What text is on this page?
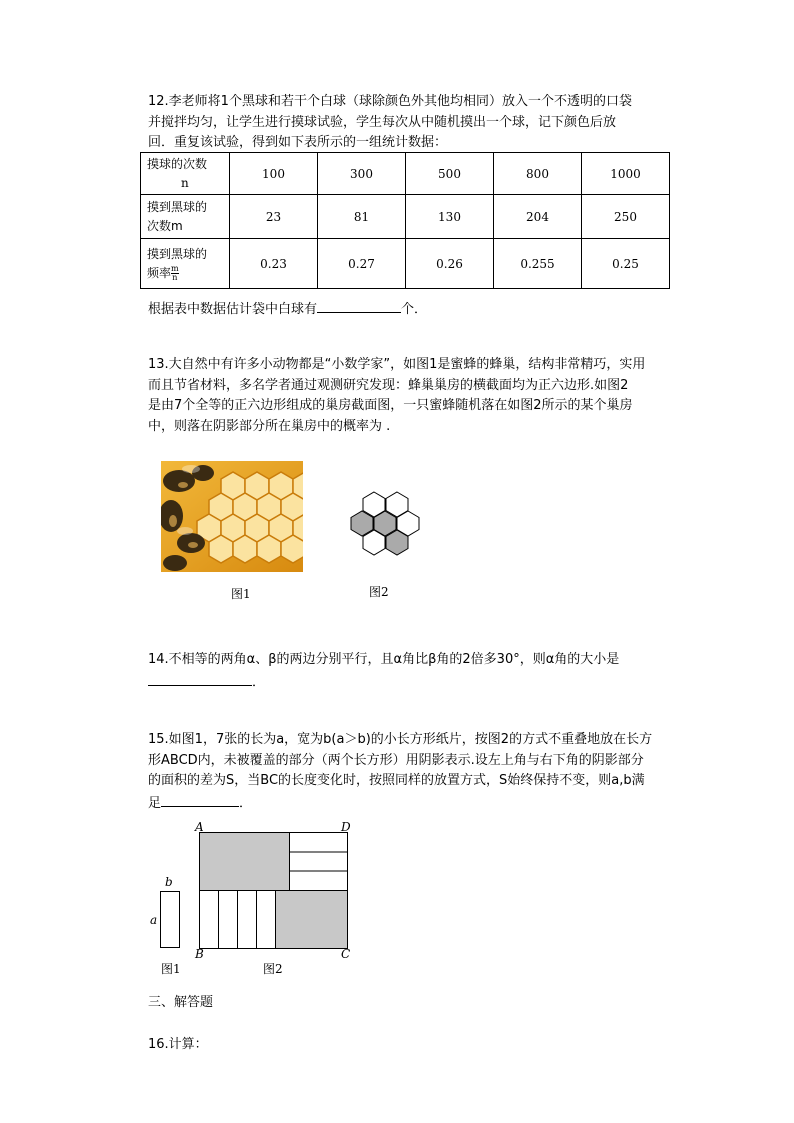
12.李老师将1个黑球和若干个白球（球除颜色外其他均相同）放入一个不透明的口袋
并搅拌均匀，让学生进行摸球试验，学生每次从中随机摸出一个球，记下颜色后放
回．重复该试验，得到如下表所示的一组统计数据：
摸球的次数
n	100	300	500	800	1000
摸到黑球的
次数m	23	81	130	204	250
摸到黑球的
频率 $\frac{m}{n}$	0.23	0.27	0.26	0.255	0.25
根据表中数据估计袋中白球有	个．
13.大自然中有许多小动物都是“小数学家”，如图1是蜜蜂的蜂巢，结构非常精巧，实用
而且节省材料，多名学者通过观测研究发现：蜂巢巢房的横截面均为正六边形.如图2
是由7个全等的正六边形组成的巢房截面图，一只蜜蜂随机落在如图2所示的某个巢房
中，则落在阴影部分所在巢房中的概率为 .
图1	图2
14.不相等的两角α、β的两边分别平行，且α角比β角的2倍多30°，则α角的大小是
．
15.如图1，7张的长为a，宽为b(a＞b)的小长方形纸片，按图2的方式不重叠地放在长方
形ABCD内，未被覆盖的部分（两个长方形）用阴影表示.设左上角与右下角的阴影部分
的面积的差为S，当BC的长度变化时，按照同样的放置方式，S始终保持不变，则a,b满
足	．
b
a
图1
A	D
B	C
图2
三、解答题
16.计算：
